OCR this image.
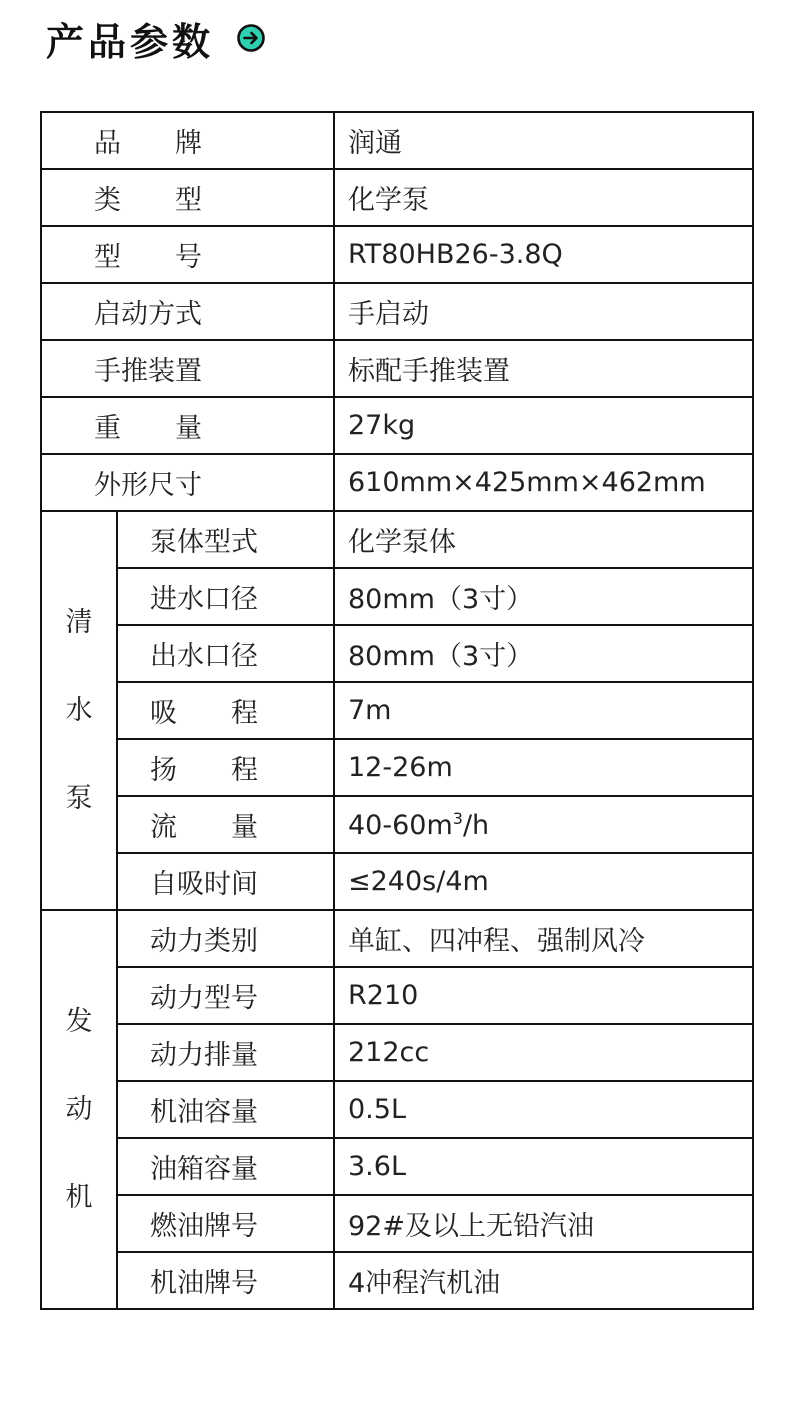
产品参数
品　　牌		润通
类　　型		化学泵
型　　号		RT80HB26-3.8Q
启动方式		手启动
手推装置		标配手推装置
重　　量		27kg
外形尺寸		610mm×425mm×462mm
清水泵	泵体型式	化学泵体
	进水口径	80mm（3寸）
	出水口径	80mm（3寸）
	吸　　程	7m
	扬　　程	12-26m
	流　　量	$40-60m^3/h$
	自吸时间	≤240s/4m
发动机	动力类别	单缸、四冲程、强制风冷
	动力型号	R210
	动力排量	212cc
	机油容量	0.5L
	油箱容量	3.6L
	燃油牌号	92#及以上无铅汽油
	机油牌号	4冲程汽机油
